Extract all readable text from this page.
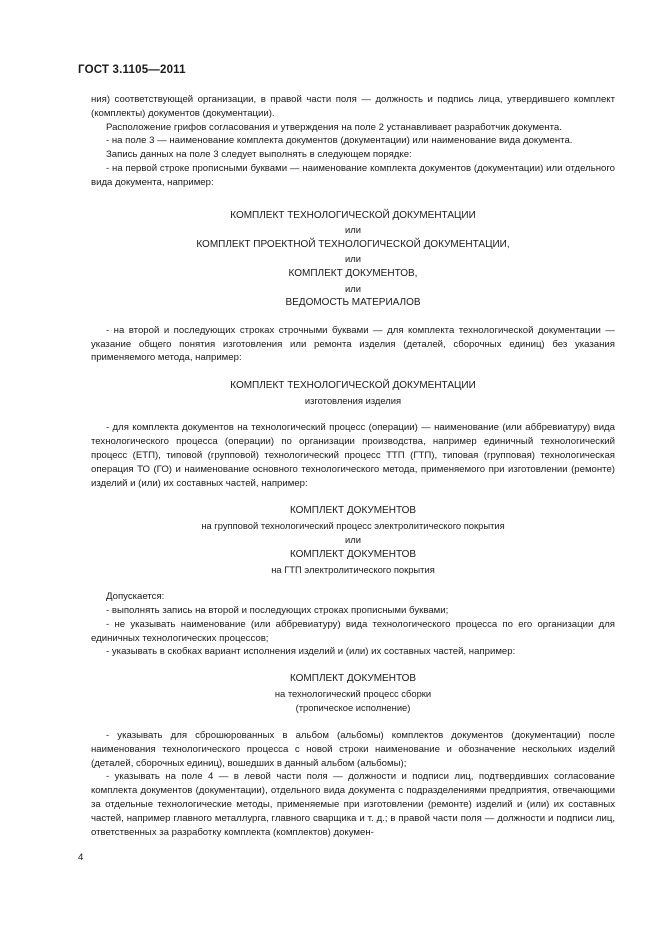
ГОСТ 3.1105—2011

ния) соответствующей организации, в правой части поля — должность и подпись лица, утвердившего комплект (комплекты) документов (документации).

Расположение грифов согласования и утверждения на поле 2 устанавливает разработчик документа.

- на поле 3 — наименование комплекта документов (документации) или наименование вида документа.

Запись данных на поле 3 следует выполнять в следующем порядке:

- на первой строке прописными буквами — наименование комплекта документов (документации) или отдельного вида документа, например:

КОМПЛЕКТ ТЕХНОЛОГИЧЕСКОЙ ДОКУМЕНТАЦИИ
или
КОМПЛЕКТ ПРОЕКТНОЙ ТЕХНОЛОГИЧЕСКОЙ ДОКУМЕНТАЦИИ,
или
КОМПЛЕКТ ДОКУМЕНТОВ,
или
ВЕДОМОСТЬ МАТЕРИАЛОВ

- на второй и последующих строках строчными буквами — для комплекта технологической документации — указание общего понятия изготовления или ремонта изделия (деталей, сборочных единиц) без указания применяемого метода, например:

КОМПЛЕКТ ТЕХНОЛОГИЧЕСКОЙ ДОКУМЕНТАЦИИ
изготовления изделия

- для комплекта документов на технологический процесс (операции) — наименование (или аббревиатуру) вида технологического процесса (операции) по организации производства, например единичный технологический процесс (ЕТП), типовой (групповой) технологический процесс ТТП (ГТП), типовая (групповая) технологическая операция ТО (ГО) и наименование основного технологического метода, применяемого при изготовлении (ремонте) изделий и (или) их составных частей, например:

КОМПЛЕКТ ДОКУМЕНТОВ
на групповой технологический процесс электролитического покрытия
или
КОМПЛЕКТ ДОКУМЕНТОВ
на ГТП электролитического покрытия

Допускается:

- выполнять запись на второй и последующих строках прописными буквами;

- не указывать наименование (или аббревиатуру) вида технологического процесса по его организации для единичных технологических процессов;

- указывать в скобках вариант исполнения изделий и (или) их составных частей, например:

КОМПЛЕКТ ДОКУМЕНТОВ
на технологический процесс сборки
(тропическое исполнение)

- указывать для сброшюрованных в альбом (альбомы) комплектов документов (документации) после наименования технологического процесса с новой строки наименование и обозначение нескольких изделий (деталей, сборочных единиц), вошедших в данный альбом (альбомы);

- указывать на поле 4 — в левой части поля — должности и подписи лиц, подтвердивших согласование комплекта документов (документации), отдельного вида документа с подразделениями предприятия, отвечающими за отдельные технологические методы, применяемые при изготовлении (ремонте) изделий и (или) их составных частей, например главного металлурга, главного сварщика и т. д.; в правой части поля — должности и подписи лиц, ответственных за разработку комплекта (комплектов) докумен-

4
